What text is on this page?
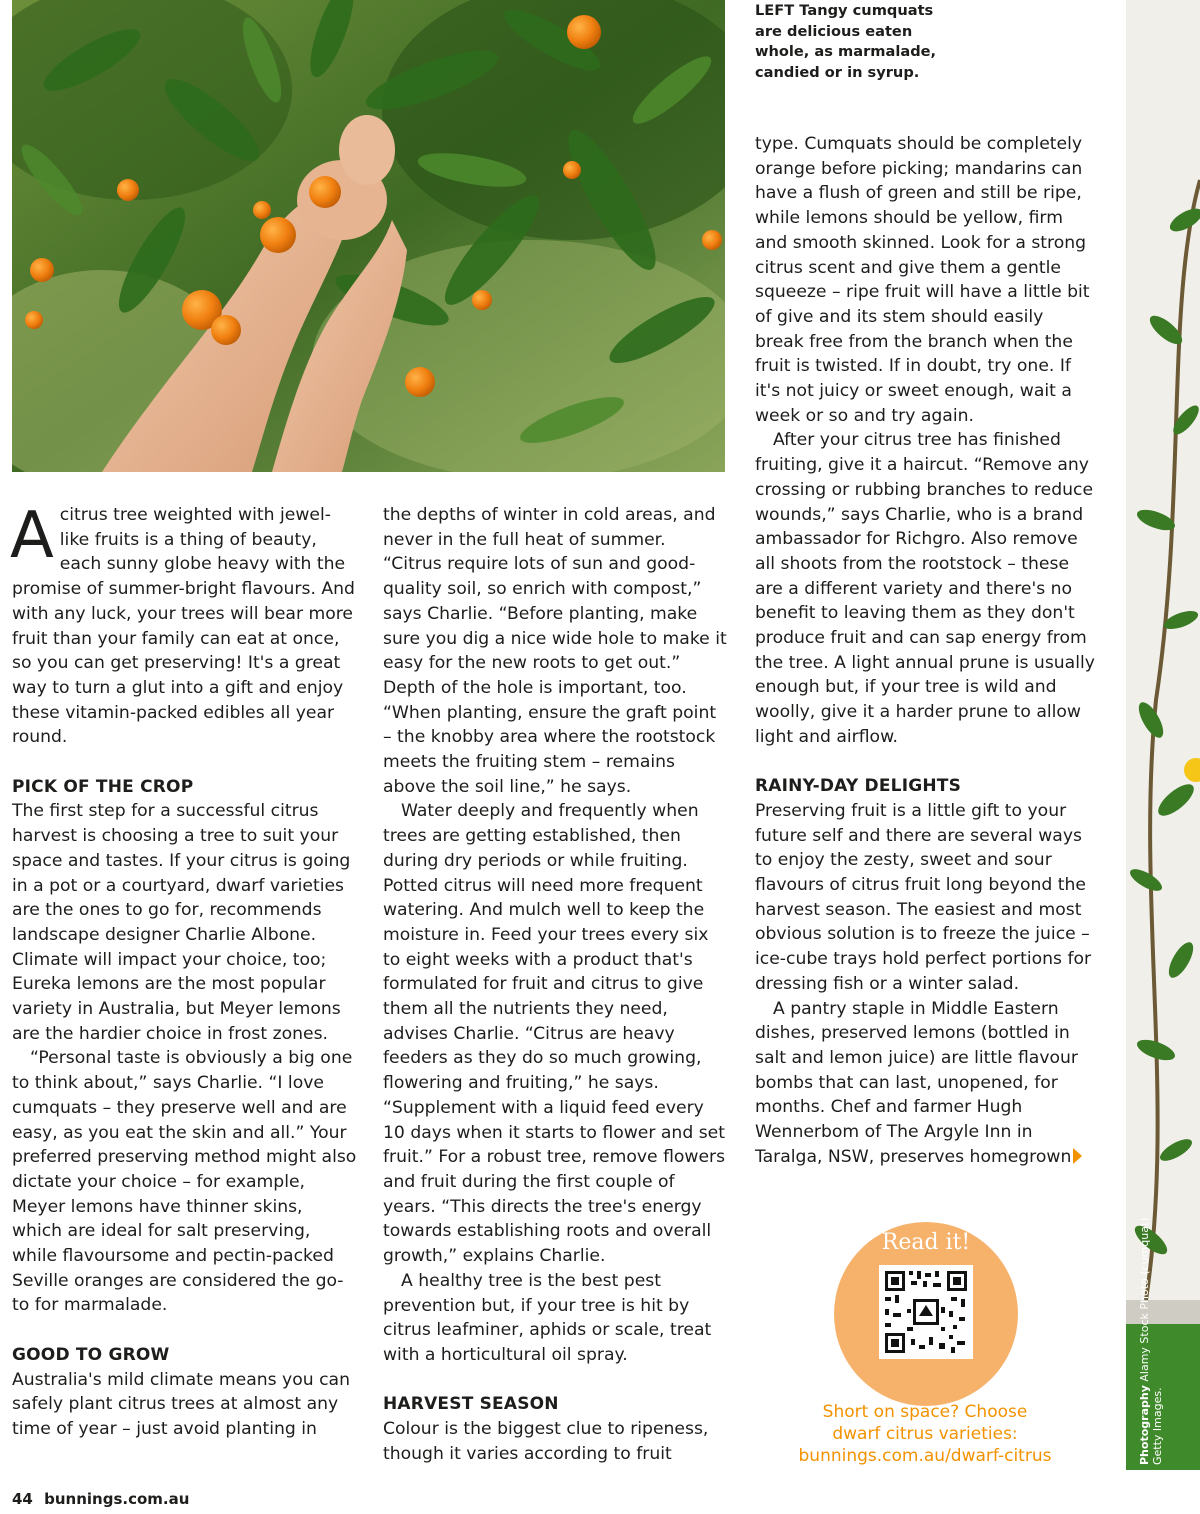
LEFT Tangy cumquats are delicious eaten whole, as marmalade, candied or in syrup.

Acitrus tree weighted with jewel-like fruits is a thing of beauty, each sunny globe heavy with the promise of summer-bright flavours. And with any luck, your trees will bear more fruit than your family can eat at once, so you can get preserving! It's a great way to turn a glut into a gift and enjoy these vitamin-packed edibles all year round.

PICK OF THE CROP

The first step for a successful citrus harvest is choosing a tree to suit your space and tastes. If your citrus is going in a pot or a courtyard, dwarf varieties are the ones to go for, recommends landscape designer Charlie Albone. Climate will impact your choice, too; Eureka lemons are the most popular variety in Australia, but Meyer lemons are the hardier choice in frost zones.

“Personal taste is obviously a big one to think about,” says Charlie. “I love cumquats – they preserve well and are easy, as you eat the skin and all.” Your preferred preserving method might also dictate your choice – for example, Meyer lemons have thinner skins, which are ideal for salt preserving, while flavoursome and pectin-packed Seville oranges are considered the go-to for marmalade.

GOOD TO GROW

Australia's mild climate means you can safely plant citrus trees at almost any time of year – just avoid planting in

the depths of winter in cold areas, and never in the full heat of summer. “Citrus require lots of sun and good-quality soil, so enrich with compost,” says Charlie. “Before planting, make sure you dig a nice wide hole to make it easy for the new roots to get out.” Depth of the hole is important, too. “When planting, ensure the graft point – the knobby area where the rootstock meets the fruiting stem – remains above the soil line,” he says.

Water deeply and frequently when trees are getting established, then during dry periods or while fruiting. Potted citrus will need more frequent watering. And mulch well to keep the moisture in. Feed your trees every six to eight weeks with a product that's formulated for fruit and citrus to give them all the nutrients they need, advises Charlie. “Citrus are heavy feeders as they do so much growing, flowering and fruiting,” he says. “Supplement with a liquid feed every 10 days when it starts to flower and set fruit.” For a robust tree, remove flowers and fruit during the first couple of years. “This directs the tree's energy towards establishing roots and overall growth,” explains Charlie.

A healthy tree is the best pest prevention but, if your tree is hit by citrus leafminer, aphids or scale, treat with a horticultural oil spray.

HARVEST SEASON

Colour is the biggest clue to ripeness, though it varies according to fruit

type. Cumquats should be completely orange before picking; mandarins can have a flush of green and still be ripe, while lemons should be yellow, firm and smooth skinned. Look for a strong citrus scent and give them a gentle squeeze – ripe fruit will have a little bit of give and its stem should easily break free from the branch when the fruit is twisted. If in doubt, try one. If it's not juicy or sweet enough, wait a week or so and try again.

After your citrus tree has finished fruiting, give it a haircut. “Remove any crossing or rubbing branches to reduce wounds,” says Charlie, who is a brand ambassador for Richgro. Also remove all shoots from the rootstock – these are a different variety and there's no benefit to leaving them as they don't produce fruit and can sap energy from the tree. A light annual prune is usually enough but, if your tree is wild and woolly, give it a harder prune to allow light and airflow.

RAINY-DAY DELIGHTS

Preserving fruit is a little gift to your future self and there are several ways to enjoy the zesty, sweet and sour flavours of citrus fruit long beyond the harvest season. The easiest and most obvious solution is to freeze the juice – ice-cube trays hold perfect portions for dressing fish or a winter salad.

A pantry staple in Middle Eastern dishes, preserved lemons (bottled in salt and lemon juice) are little flavour bombs that can last, unopened, for months. Chef and farmer Hugh Wennerbom of The Argyle Inn in Taralga, NSW, preserves homegrown

Read it!
Short on space? Choose
dwarf citrus varieties:
bunnings.com.au/dwarf-citrus
44 bunnings.com.au
Photography Alamy Stock Photo (cumquat) Getty Images.
